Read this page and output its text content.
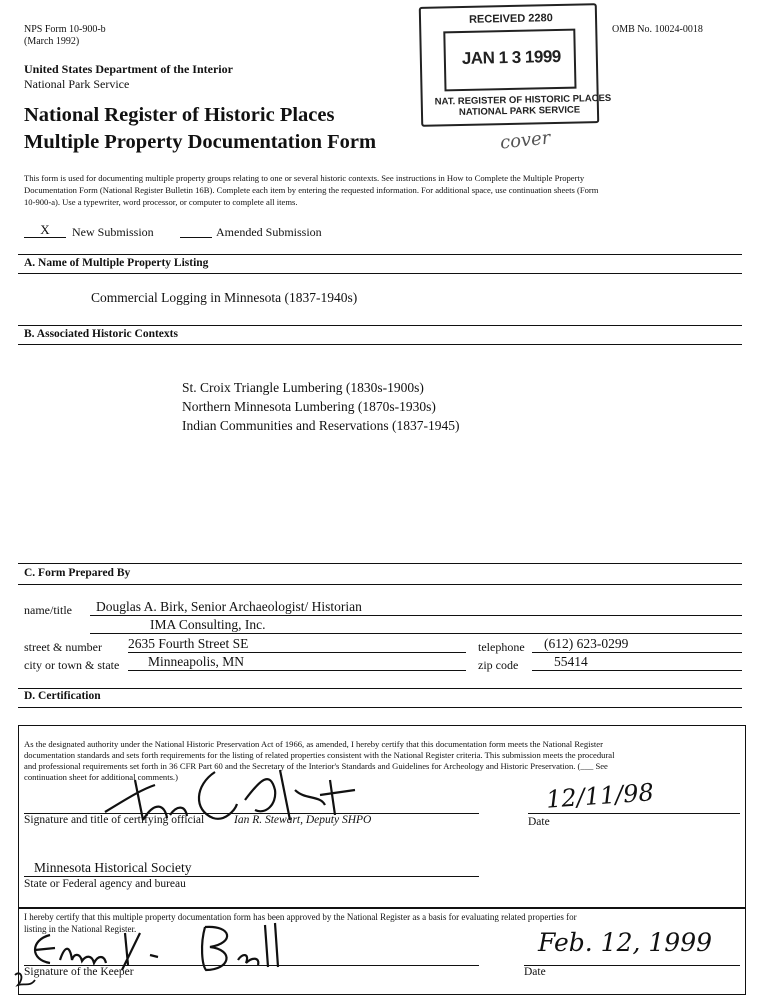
NPS Form 10-900-b
(March 1992)
OMB No. 10024-0018
United States Department of the Interior
National Park Service
National Register of Historic Places
Multiple Property Documentation Form	cover
RECEIVED 2280
JAN 1 3 1999
NAT. REGISTER OF HISTORIC PLACES
NATIONAL PARK SERVICE
This form is used for documenting multiple property groups relating to one or several historic contexts. See instructions in How to Complete the Multiple Property
Documentation Form (National Register Bulletin 16B). Complete each item by entering the requested information. For additional space, use continuation sheets (Form
10-900-a). Use a typewriter, word processor, or computer to complete all items.
X	New Submission	Amended Submission
A. Name of Multiple Property Listing
Commercial Logging in Minnesota (1837-1940s)
B. Associated Historic Contexts
St. Croix Triangle Lumbering (1830s-1900s)
Northern Minnesota Lumbering (1870s-1930s)
Indian Communities and Reservations (1837-1945)
C. Form Prepared By
name/title Douglas A. Birk, Senior Archaeologist/ Historian
IMA Consulting, Inc.
street & number 2635 Fourth Street SE	telephone (612) 623-0299
city or town & state Minneapolis, MN	zip code	55414
D. Certification
As the designated authority under the National Historic Preservation Act of 1966, as amended, I hereby certify that this documentation form meets the National Register
documentation standards and sets forth requirements for the listing of related properties consistent with the National Register criteria. This submission meets the procedural
and professional requirements set forth in 36 CFR Part 60 and the Secretary of the Interior's Standards and Guidelines for Archeology and Historic Preservation. (___ See
continuation sheet for additional comments.)
Signature and title of certifying official	Ian R. Stewart, Deputy SHPO	Date
12/11/98
Minnesota Historical Society
State or Federal agency and bureau
I hereby certify that this multiple property documentation form has been approved by the National Register as a basis for evaluating related properties for
listing in the National Register.
Signature of the Keeper	Date
Feb. 12, 1999
